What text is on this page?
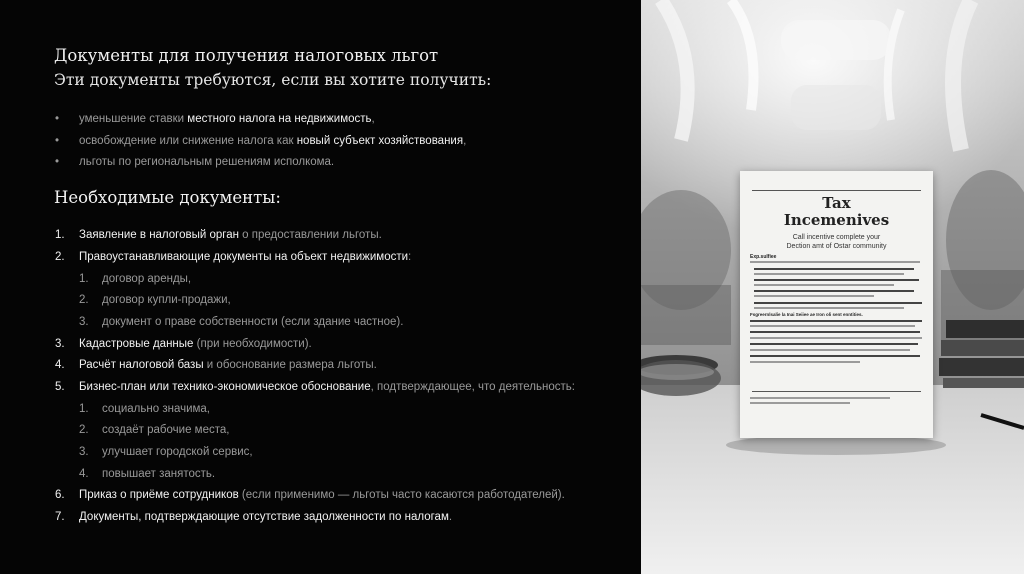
Документы для получения налоговых льгот
Эти документы требуются, если вы хотите получить:
• уменьшение ставки местного налога на недвижимость,
• освобождение или снижение налога как новый субъект хозяйствования,
• льготы по региональным решениям исполкома.
Необходимые документы:
1. Заявление в налоговый орган о предоставлении льготы.
2. Правоустанавливающие документы на объект недвижимости:
1. договор аренды,
2. договор купли-продажи,
3. документ о праве собственности (если здание частное).
3. Кадастровые данные (при необходимости).
4. Расчёт налоговой базы и обоснование размера льготы.
5. Бизнес-план или технико-экономическое обоснование, подтверждающее, что деятельность:
1. социально значима,
2. создаёт рабочие места,
3. улучшает городской сервис,
4. повышает занятость.
6. Приказ о приёме сотрудников (если применимо — льготы часто касаются работодателей).
7. Документы, подтверждающие отсутствие задолженности по налогам.
Tax
Incemenives
Call incentive complete your
Dection amt of Ostar community
Exp.sulfiee
Fsgreernlsalie la Inai Seiiee ae Iron oli sent enntities.
